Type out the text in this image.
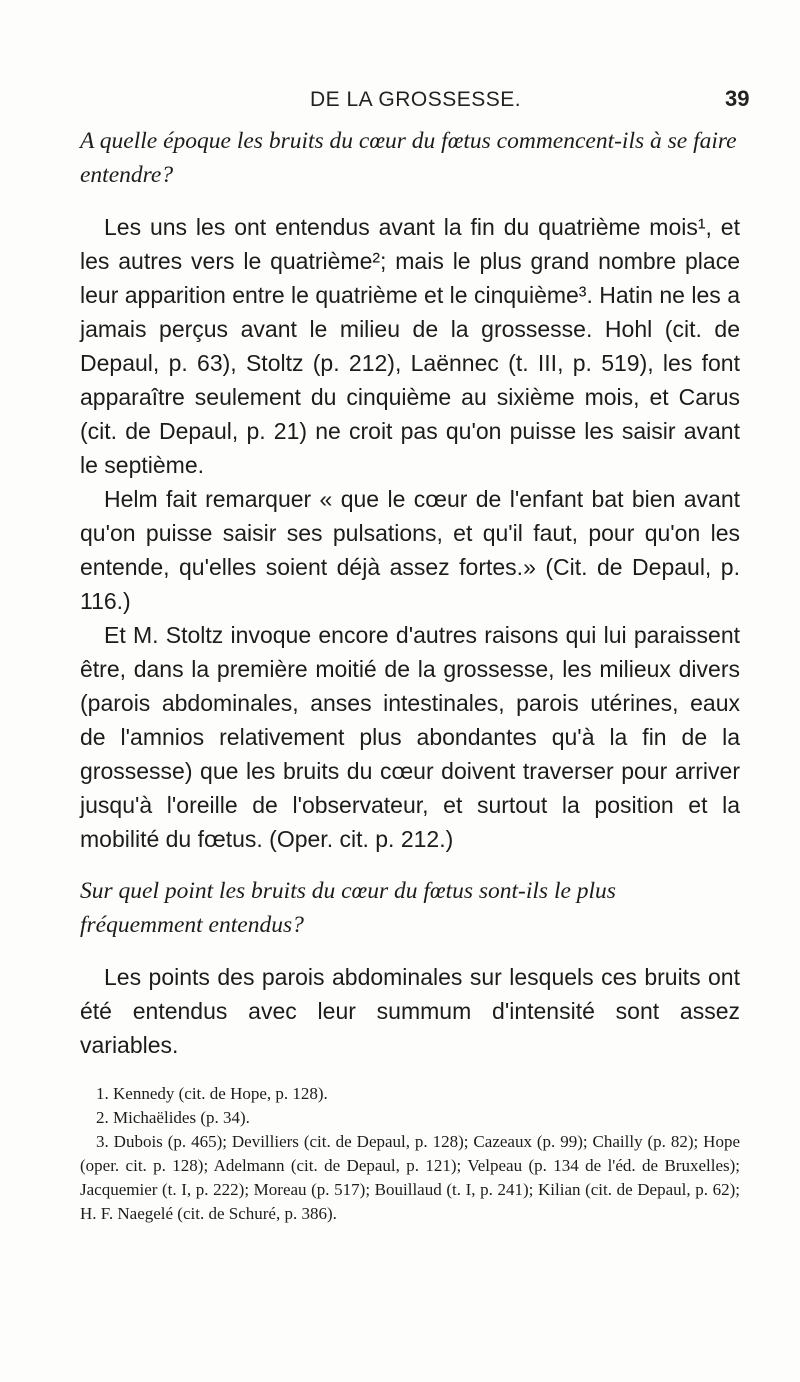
DE LA GROSSESSE.	39

A quelle époque les bruits du cœur du fœtus commencent-ils à se faire entendre?

Les uns les ont entendus avant la fin du quatrième mois¹, et les autres vers le quatrième²; mais le plus grand nombre place leur apparition entre le quatrième et le cinquième³. Hatin ne les a jamais perçus avant le milieu de la grossesse. Hohl (cit. de Depaul, p. 63), Stoltz (p. 212), Laënnec (t. III, p. 519), les font apparaître seulement du cinquième au sixième mois, et Carus (cit. de Depaul, p. 21) ne croit pas qu'on puisse les saisir avant le septième.

Helm fait remarquer « que le cœur de l'enfant bat bien avant qu'on puisse saisir ses pulsations, et qu'il faut, pour qu'on les entende, qu'elles soient déjà assez fortes.» (Cit. de Depaul, p. 116.)

Et M. Stoltz invoque encore d'autres raisons qui lui paraissent être, dans la première moitié de la grossesse, les milieux divers (parois abdominales, anses intestinales, parois utérines, eaux de l'amnios relativement plus abondantes qu'à la fin de la grossesse) que les bruits du cœur doivent traverser pour arriver jusqu'à l'oreille de l'observateur, et surtout la position et la mobilité du fœtus. (Oper. cit. p. 212.)

Sur quel point les bruits du cœur du fœtus sont-ils le plus fréquemment entendus?

Les points des parois abdominales sur lesquels ces bruits ont été entendus avec leur summum d'intensité sont assez variables.

1. Kennedy (cit. de Hope, p. 128).

2. Michaëlides (p. 34).

3. Dubois (p. 465); Devilliers (cit. de Depaul, p. 128); Cazeaux (p. 99); Chailly (p. 82); Hope (oper. cit. p. 128); Adelmann (cit. de Depaul, p. 121); Velpeau (p. 134 de l'éd. de Bruxelles); Jacquemier (t. I, p. 222); Moreau (p. 517); Bouillaud (t. I, p. 241); Kilian (cit. de Depaul, p. 62); H. F. Naegelé (cit. de Schuré, p. 386).
